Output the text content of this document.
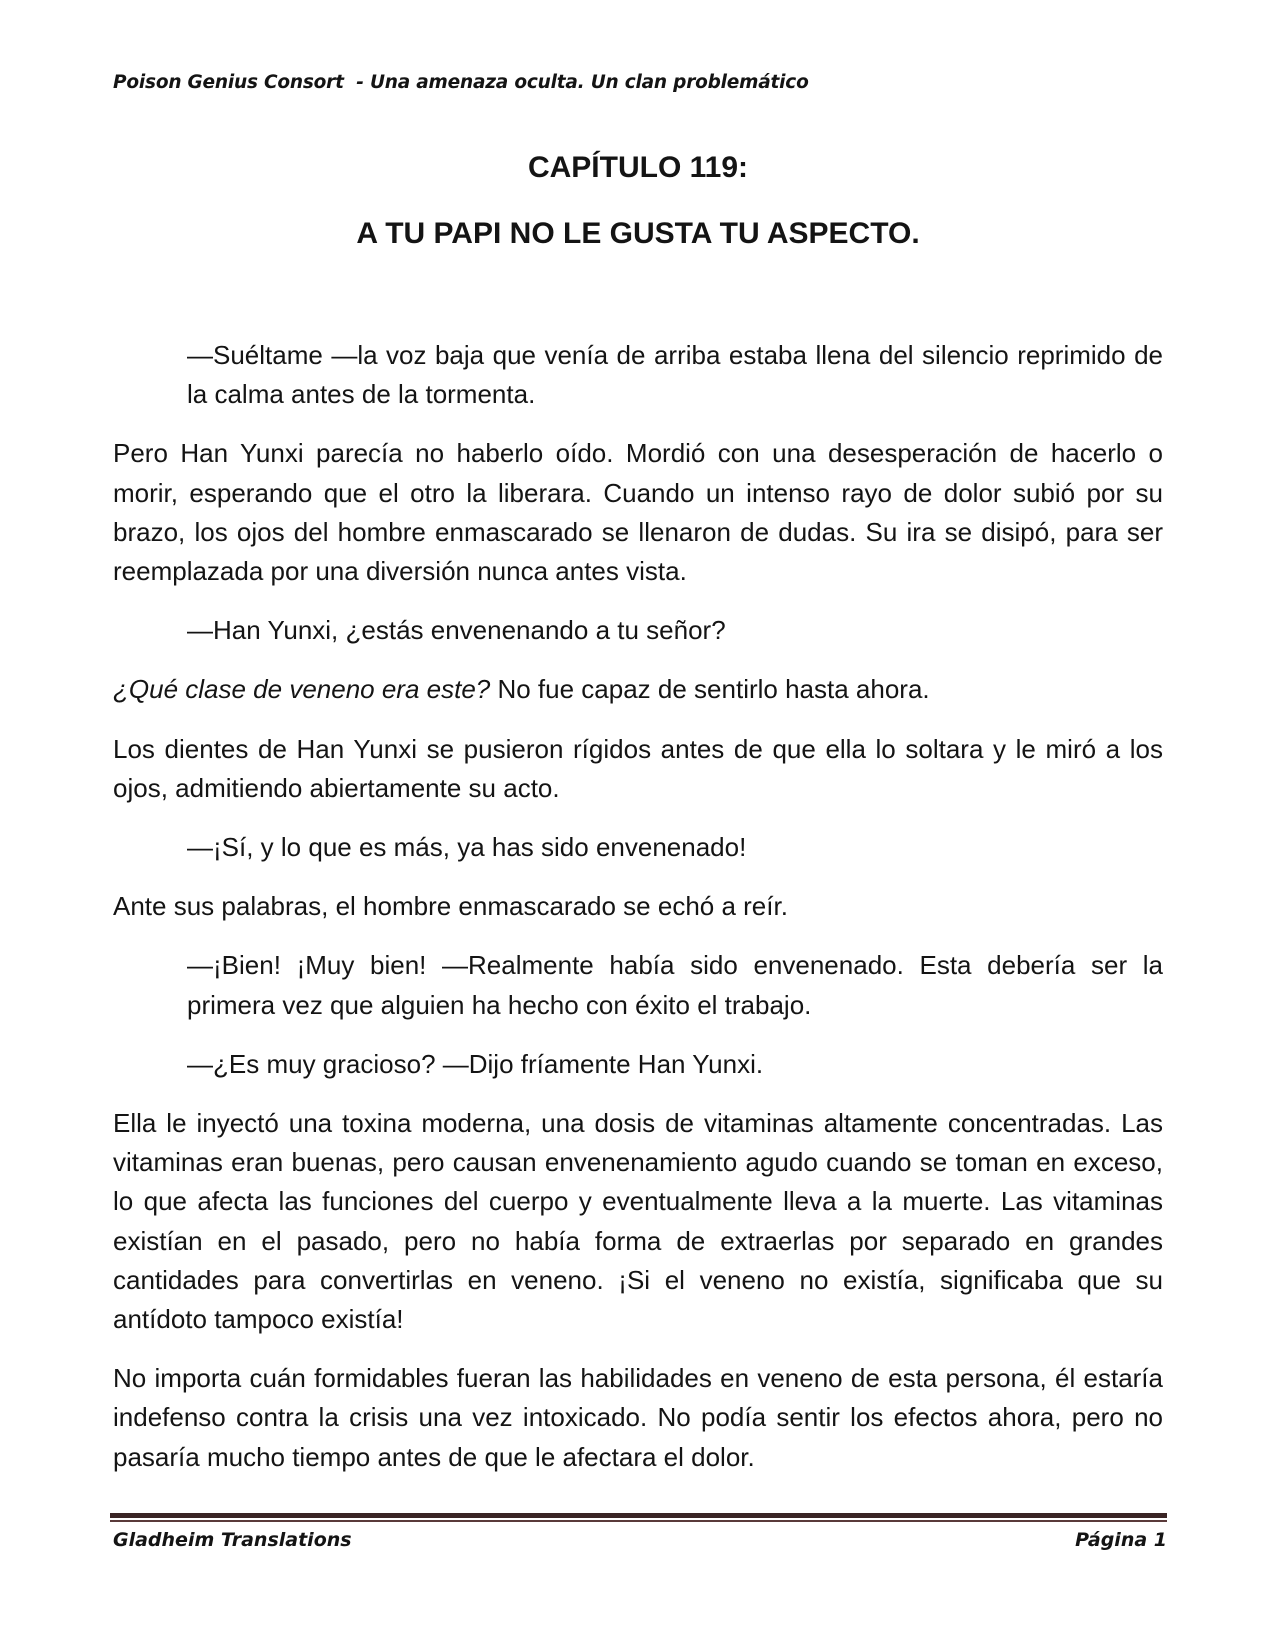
Poison Genius Consort  - Una amenaza oculta. Un clan problemático
CAPÍTULO 119:
A TU PAPI NO LE GUSTA TU ASPECTO.

—Suéltame —la voz baja que venía de arriba estaba llena del silencio reprimido de la calma antes de la tormenta.

Pero Han Yunxi parecía no haberlo oído. Mordió con una desesperación de hacerlo o morir, esperando que el otro la liberara. Cuando un intenso rayo de dolor subió por su brazo, los ojos del hombre enmascarado se llenaron de dudas. Su ira se disipó, para ser reemplazada por una diversión nunca antes vista.

—Han Yunxi, ¿estás envenenando a tu señor?

¿Qué clase de veneno era este? No fue capaz de sentirlo hasta ahora.

Los dientes de Han Yunxi se pusieron rígidos antes de que ella lo soltara y le miró a los ojos, admitiendo abiertamente su acto.

—¡Sí, y lo que es más, ya has sido envenenado!

Ante sus palabras, el hombre enmascarado se echó a reír.

—¡Bien! ¡Muy bien! —Realmente había sido envenenado. Esta debería ser la primera vez que alguien ha hecho con éxito el trabajo.

—¿Es muy gracioso? —Dijo fríamente Han Yunxi.

Ella le inyectó una toxina moderna, una dosis de vitaminas altamente concentradas. Las vitaminas eran buenas, pero causan envenenamiento agudo cuando se toman en exceso, lo que afecta las funciones del cuerpo y eventualmente lleva a la muerte. Las vitaminas existían en el pasado, pero no había forma de extraerlas por separado en grandes cantidades para convertirlas en veneno. ¡Si el veneno no existía, significaba que su antídoto tampoco existía!

No importa cuán formidables fueran las habilidades en veneno de esta persona, él estaría indefenso contra la crisis una vez intoxicado. No podía sentir los efectos ahora, pero no pasaría mucho tiempo antes de que le afectara el dolor.

Gladheim Translations	Página 1
